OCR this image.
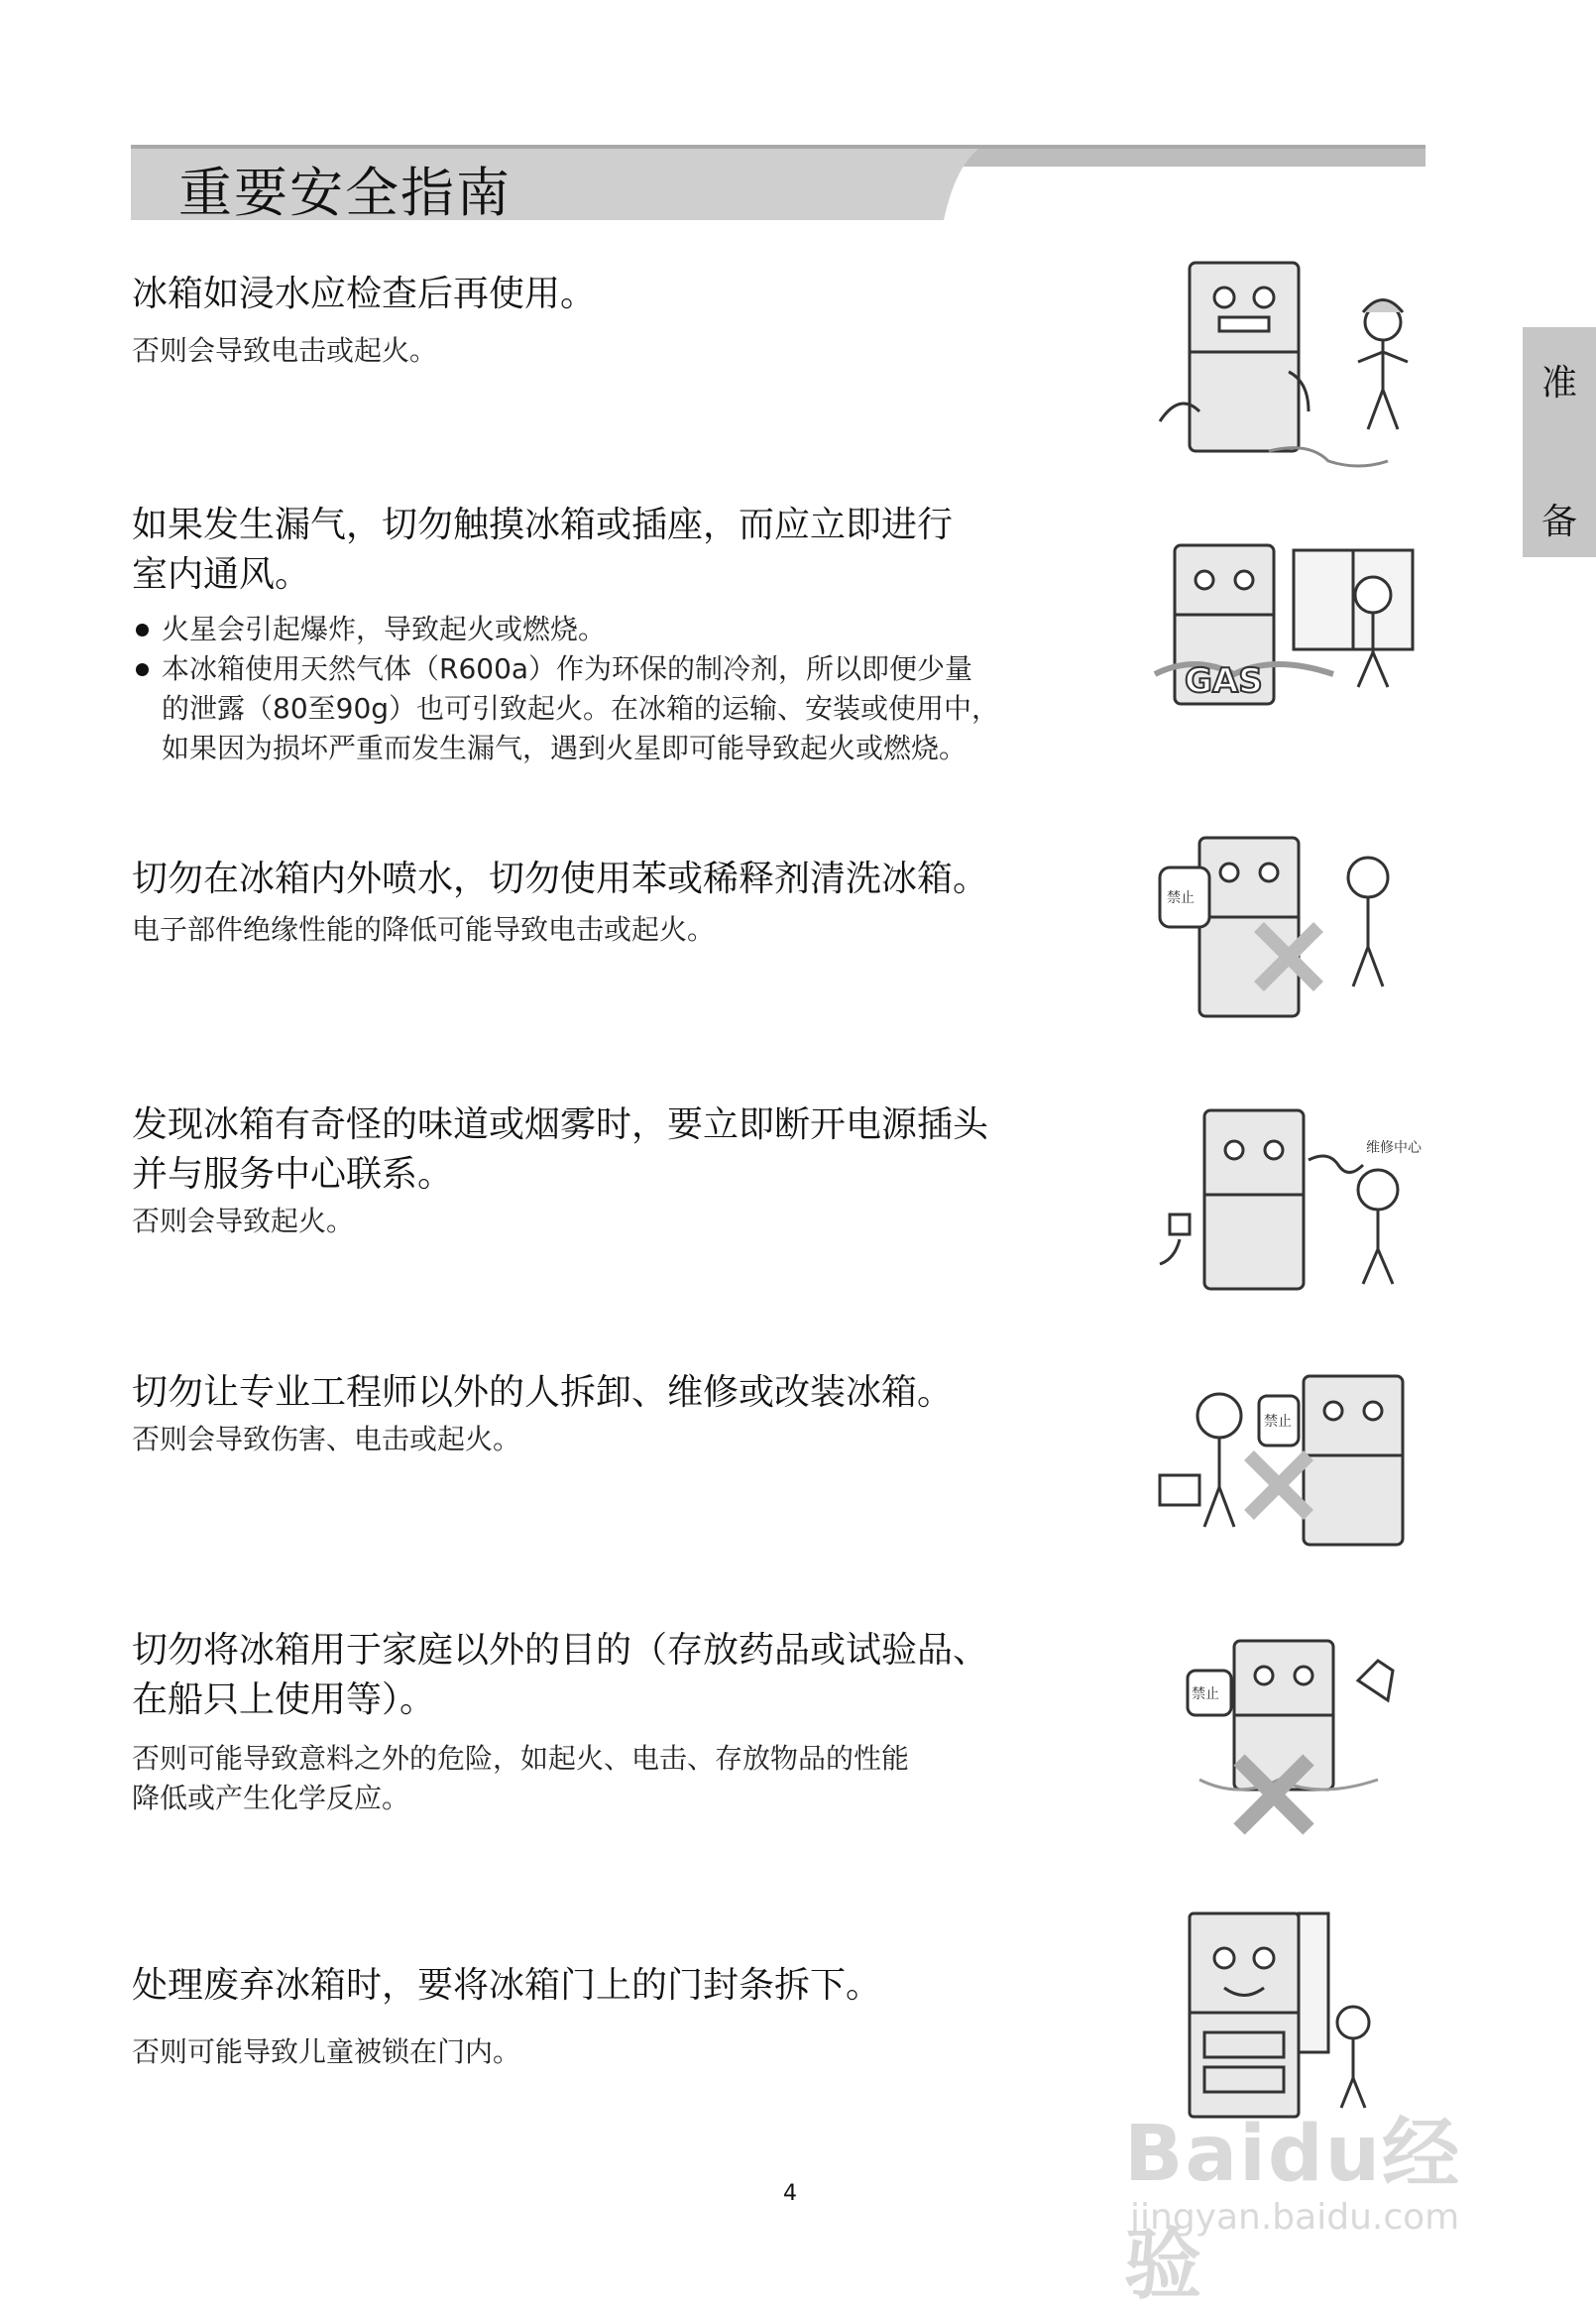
重要安全指南
准
备
冰箱如浸水应检查后再使用。

否则会导致电击或起火。

如果发生漏气，切勿触摸冰箱或插座，而应立即进行
室内通风。
火星会引起爆炸，导致起火或燃烧。
本冰箱使用天然气体（R600a）作为环保的制冷剂，所以即便少量
的泄露（80至90g）也可引致起火。在冰箱的运输、安装或使用中，
如果因为损坏严重而发生漏气，遇到火星即可能导致起火或燃烧。
切勿在冰箱内外喷水，切勿使用苯或稀释剂清洗冰箱。

电子部件绝缘性能的降低可能导致电击或起火。

发现冰箱有奇怪的味道或烟雾时，要立即断开电源插头
并与服务中心联系。

否则会导致起火。

切勿让专业工程师以外的人拆卸、维修或改装冰箱。

否则会导致伤害、电击或起火。

切勿将冰箱用于家庭以外的目的（存放药品或试验品、
在船只上使用等）。

否则可能导致意料之外的危险，如起火、电击、存放物品的性能

降低或产生化学反应。

处理废弃冰箱时，要将冰箱门上的门封条拆下。

否则可能导致儿童被锁在门内。

GAS
禁止
维修中心
禁止
禁止
4	Baidu经验
jingyan.baidu.com
